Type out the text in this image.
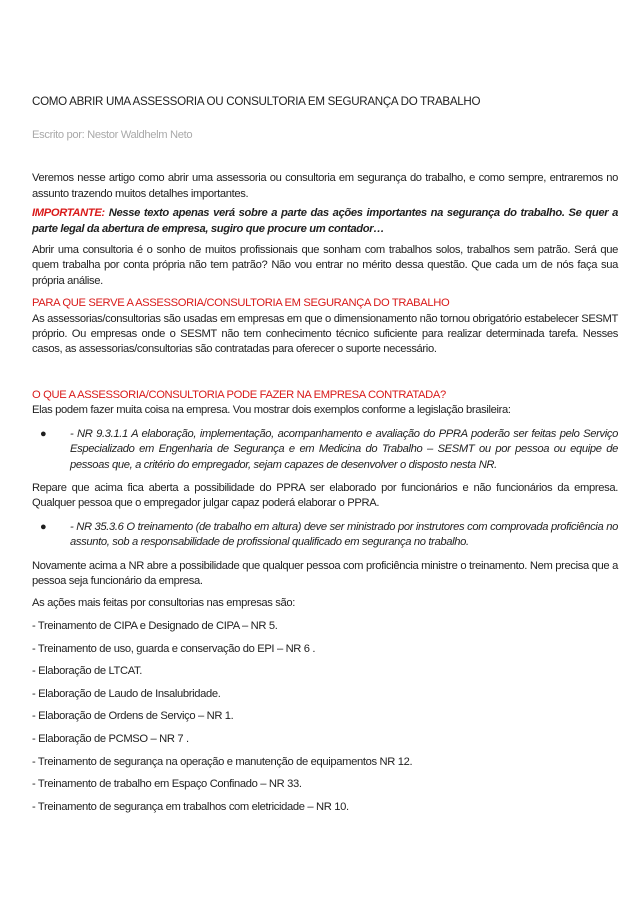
COMO ABRIR UMA ASSESSORIA OU CONSULTORIA EM SEGURANÇA DO TRABALHO

Escrito por: Nestor Waldhelm Neto

Veremos nesse artigo como abrir uma assessoria ou consultoria em segurança do trabalho, e como sempre, entraremos no assunto trazendo muitos detalhes importantes.

IMPORTANTE: Nesse texto apenas verá sobre a parte das ações importantes na segurança do trabalho. Se quer a parte legal da abertura de empresa, sugiro que procure um contador…

Abrir uma consultoria é o sonho de muitos profissionais que sonham com trabalhos solos, trabalhos sem patrão. Será que quem trabalha por conta própria não tem patrão? Não vou entrar no mérito dessa questão. Que cada um de nós faça sua própria análise.

PARA QUE SERVE A ASSESSORIA/CONSULTORIA EM SEGURANÇA DO TRABALHO

As assessorias/consultorias são usadas em empresas em que o dimensionamento não tornou obrigatório estabelecer SESMT próprio. Ou empresas onde o SESMT não tem conhecimento técnico suficiente para realizar determinada tarefa. Nesses casos, as assessorias/consultorias são contratadas para oferecer o suporte necessário.

O QUE A ASSESSORIA/CONSULTORIA PODE FAZER NA EMPRESA CONTRATADA?

Elas podem fazer muita coisa na empresa. Vou mostrar dois exemplos conforme a legislação brasileira:

● - NR 9.3.1.1 A elaboração, implementação, acompanhamento e avaliação do PPRA poderão ser feitas pelo Serviço Especializado em Engenharia de Segurança e em Medicina do Trabalho – SESMT ou por pessoa ou equipe de pessoas que, a critério do empregador, sejam capazes de desenvolver o disposto nesta NR.

Repare que acima fica aberta a possibilidade do PPRA ser elaborado por funcionários e não funcionários da empresa. Qualquer pessoa que o empregador julgar capaz poderá elaborar o PPRA.

● - NR 35.3.6 O treinamento (de trabalho em altura) deve ser ministrado por instrutores com comprovada proficiência no assunto, sob a responsabilidade de profissional qualificado em segurança no trabalho.

Novamente acima a NR abre a possibilidade que qualquer pessoa com proficiência ministre o treinamento. Nem precisa que a pessoa seja funcionário da empresa.

As ações mais feitas por consultorias nas empresas são:

- Treinamento de CIPA e Designado de CIPA – NR 5.

- Treinamento de uso, guarda e conservação do EPI – NR 6 .

- Elaboração de LTCAT.

- Elaboração de Laudo de Insalubridade.

- Elaboração de Ordens de Serviço – NR 1.

- Elaboração de PCMSO – NR 7 .

- Treinamento de segurança na operação e manutenção de equipamentos NR 12.

- Treinamento de trabalho em Espaço Confinado – NR 33.

- Treinamento de segurança em trabalhos com eletricidade – NR 10.
